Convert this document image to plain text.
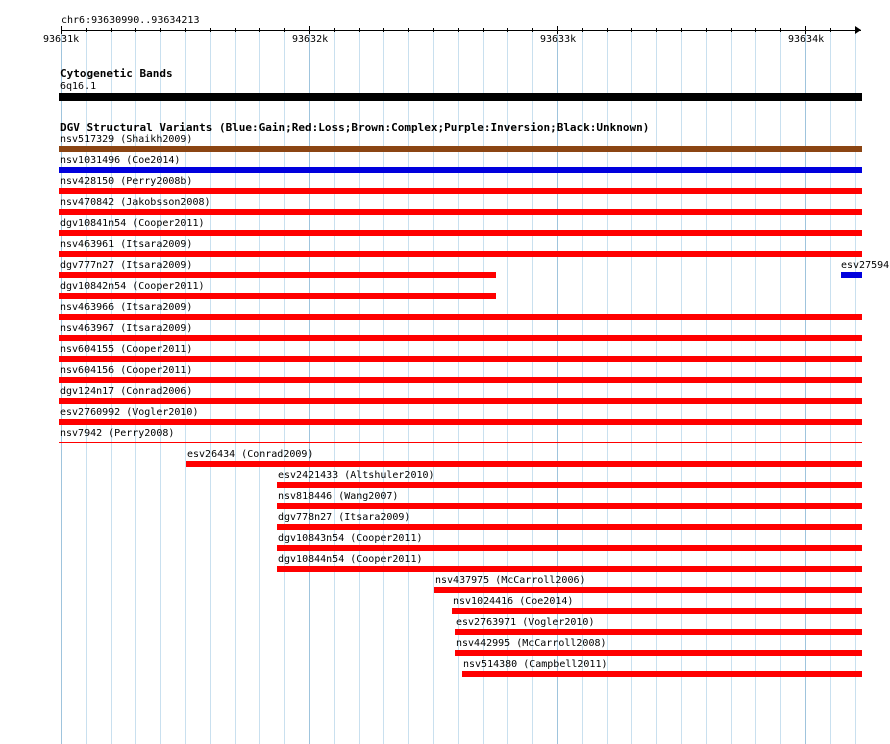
chr6:93630990..93634213
93631k	93632k	93633k	93634k
Cytogenetic Bands
6q16.1
DGV Structural Variants (Blue:Gain;Red:Loss;Brown:Complex;Purple:Inversion;Black:Unknown)
nsv517329 (Shaikh2009)
nsv1031496 (Coe2014)
nsv428150 (Perry2008b)
nsv470842 (Jakobsson2008)
dgv10841n54 (Cooper2011)
nsv463961 (Itsara2009)
dgv777n27 (Itsara2009)
dgv10842n54 (Cooper2011)
nsv463966 (Itsara2009)
nsv463967 (Itsara2009)
nsv604155 (Cooper2011)
nsv604156 (Cooper2011)
dgv124n17 (Conrad2006)
esv2760992 (Vogler2010)
nsv7942 (Perry2008)
esv26434 (Conrad2009)
esv2421433 (Altshuler2010)
nsv818446 (Wang2007)
dgv778n27 (Itsara2009)
dgv10843n54 (Cooper2011)
dgv10844n54 (Cooper2011)
nsv437975 (McCarroll2006)
nsv1024416 (Coe2014)
esv2763971 (Vogler2010)
nsv442995 (McCarroll2008)
nsv514380 (Campbell2011)
esv27594
